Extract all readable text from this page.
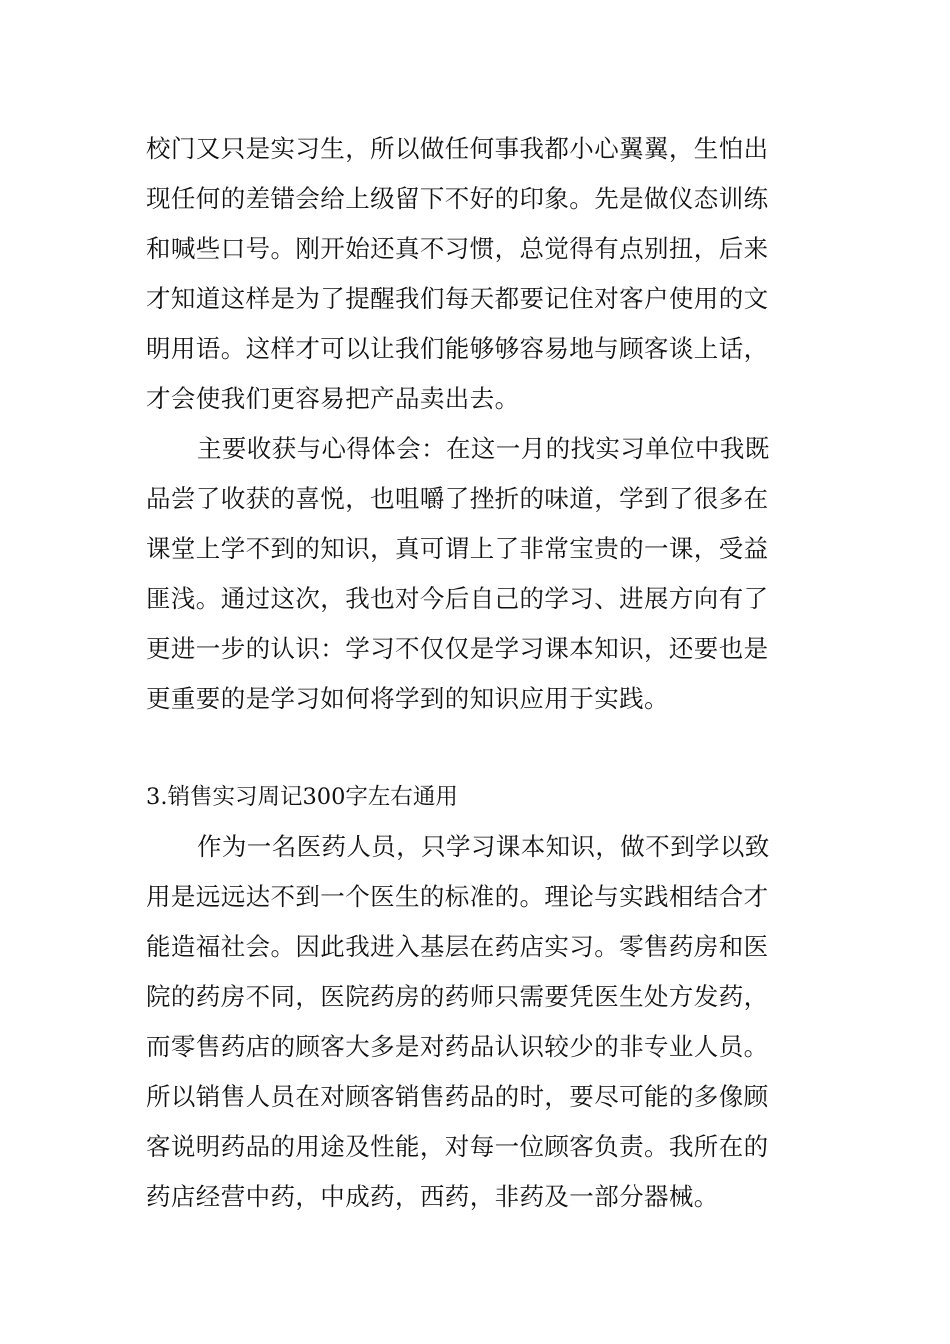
校门又只是实习生，所以做任何事我都小心翼翼，生怕出
现任何的差错会给上级留下不好的印象。先是做仪态训练
和喊些口号。刚开始还真不习惯，总觉得有点别扭，后来
才知道这样是为了提醒我们每天都要记住对客户使用的文
明用语。这样才可以让我们能够够容易地与顾客谈上话，
才会使我们更容易把产品卖出去。
主要收获与心得体会：在这一月的找实习单位中我既
品尝了收获的喜悦，也咀嚼了挫折的味道，学到了很多在
课堂上学不到的知识，真可谓上了非常宝贵的一课，受益
匪浅。通过这次，我也对今后自己的学习、进展方向有了
更进一步的认识：学习不仅仅是学习课本知识，还要也是
更重要的是学习如何将学到的知识应用于实践。
3.销售实习周记300字左右通用
作为一名医药人员，只学习课本知识，做不到学以致
用是远远达不到一个医生的标准的。理论与实践相结合才
能造福社会。因此我进入基层在药店实习。零售药房和医
院的药房不同，医院药房的药师只需要凭医生处方发药，
而零售药店的顾客大多是对药品认识较少的非专业人员。
所以销售人员在对顾客销售药品的时，要尽可能的多像顾
客说明药品的用途及性能，对每一位顾客负责。我所在的
药店经营中药，中成药，西药，非药及一部分器械。
